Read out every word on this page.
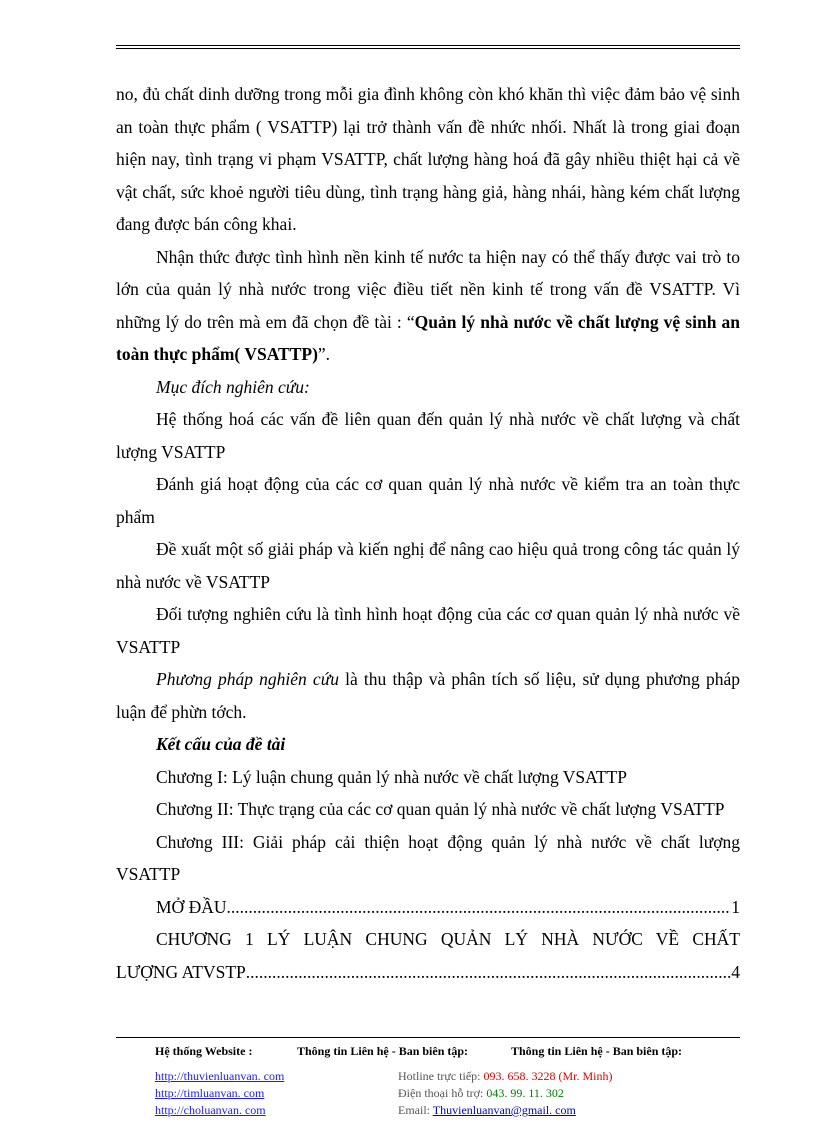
no, đủ chất dinh dưỡng trong mỗi gia đình không còn khó khăn thì việc đảm bảo vệ sinh an toàn thực phẩm ( VSATTP) lại trở thành vấn đề nhức nhối. Nhất là trong giai đoạn hiện nay, tình trạng vi phạm VSATTP, chất lượng hàng hoá đã gây nhiều thiệt hại cả về vật chất, sức khoẻ người tiêu dùng, tình trạng hàng giả, hàng nhái, hàng kém chất lượng đang được bán công khai.

Nhận thức được tình hình nền kinh tế nước ta hiện nay có thể thấy được vai trò to lớn của quản lý nhà nước trong việc điều tiết nền kinh tế trong vấn đề VSATTP. Vì những lý do trên mà em đã chọn đề tài : “Quản lý nhà nước về chất lượng vệ sinh an toàn thực phẩm( VSATTP)”.

Mục đích nghiên cứu:

Hệ thống hoá các vấn đề liên quan đến quản lý nhà nước về chất lượng và chất lượng VSATTP

Đánh giá hoạt động của các cơ quan quản lý nhà nước về kiểm tra an toàn thực phẩm

Đề xuất một số giải pháp và kiến nghị để nâng cao hiệu quả trong công tác quản lý nhà nước về VSATTP

Đối tượng nghiên cứu là tình hình hoạt động của các cơ quan quản lý nhà nước về VSATTP

Phương pháp nghiên cứu là thu thập và phân tích số liệu, sử dụng phương pháp luận để phừn tớch.

Kết cấu của đề tài

Chương I: Lý luận chung quản lý nhà nước về chất lượng VSATTP

Chương II: Thực trạng của các cơ quan quản lý nhà nước về chất lượng VSATTP

Chương III: Giải pháp cải thiện hoạt động quản lý nhà nước về chất lượng VSATTP

MỞ ĐẦU .....	1

CHƯƠNG 1 LÝ LUẬN CHUNG QUẢN LÝ NHÀ NƯỚC VỀ CHẤT

LƯỢNG ATVSTP .....	4
Hệ thống Website :
http://thuvienluanvan. com
http://timluanvan. com
http://choluanvan. com
Thông tin Liên hệ - Ban biên tập:
Hotline trực tiếp: 093. 658. 3228 (Mr. Minh)
Điện thoại hỗ trợ: 043. 99. 11. 302
Email: Thuvienluanvan@gmail. com
Thông tin Liên hệ - Ban biên tập:
